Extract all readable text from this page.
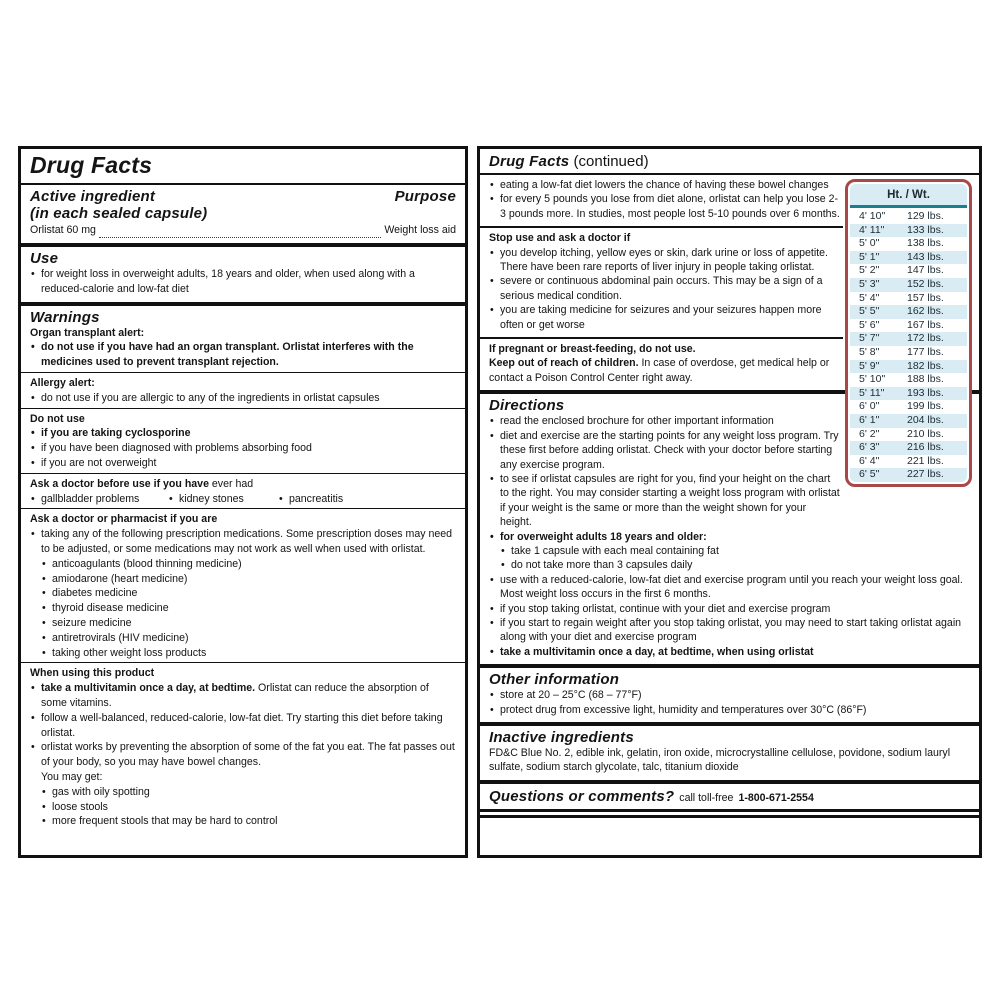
Drug Facts
Active ingredient
(in each sealed capsule)
Purpose
Orlistat 60 mg	Weight loss aid
Use
• for weight loss in overweight adults, 18 years and older, when used along with a reduced-calorie and low-fat diet
Warnings
Organ transplant alert:
• do not use if you have had an organ transplant. Orlistat interferes with the medicines used to prevent transplant rejection.
Allergy alert:
• do not use if you are allergic to any of the ingredients in orlistat capsules
Do not use
• if you are taking cyclosporine
• if you have been diagnosed with problems absorbing food
• if you are not overweight
Ask a doctor before use if you have ever had
• gallbladder problems	• kidney stones	• pancreatitis
Ask a doctor or pharmacist if you are
• taking any of the following prescription medications. Some prescription doses may need to be adjusted, or some medications may not work as well when used with orlistat.
• anticoagulants (blood thinning medicine)
• amiodarone (heart medicine)
• diabetes medicine
• thyroid disease medicine
• seizure medicine
• antiretrovirals (HIV medicine)
• taking other weight loss products
When using this product
• take a multivitamin once a day, at bedtime. Orlistat can reduce the absorption of some vitamins.
• follow a well-balanced, reduced-calorie, low-fat diet. Try starting this diet before taking orlistat.
• orlistat works by preventing the absorption of some of the fat you eat. The fat passes out of your body, so you may have bowel changes.
You may get:
• gas with oily spotting
• loose stools
• more frequent stools that may be hard to control
Drug Facts (continued)
• eating a low-fat diet lowers the chance of having these bowel changes
• for every 5 pounds you lose from diet alone, orlistat can help you lose 2-3 pounds more. In studies, most people lost 5-10 pounds over 6 months.
Stop use and ask a doctor if
• you develop itching, yellow eyes or skin, dark urine or loss of appetite. There have been rare reports of liver injury in people taking orlistat.
• severe or continuous abdominal pain occurs. This may be a sign of a serious medical condition.
• you are taking medicine for seizures and your seizures happen more often or get worse
If pregnant or breast-feeding, do not use.
Keep out of reach of children. In case of overdose, get medical help or contact a Poison Control Center right away.
Directions
• read the enclosed brochure for other important information
• diet and exercise are the starting points for any weight loss program. Try these first before adding orlistat. Check with your doctor before starting any exercise program.
• to see if orlistat capsules are right for you, find your height on the chart to the right. You may consider starting a weight loss program with orlistat if your weight is the same or more than the weight shown for your height.
• for overweight adults 18 years and older:
• take 1 capsule with each meal containing fat
• do not take more than 3 capsules daily
• use with a reduced-calorie, low-fat diet and exercise program until you reach your weight loss goal. Most weight loss occurs in the first 6 months.
• if you stop taking orlistat, continue with your diet and exercise program
• if you start to regain weight after you stop taking orlistat, you may need to start taking orlistat again along with your diet and exercise program
• take a multivitamin once a day, at bedtime, when using orlistat
Other information
• store at 20 – 25°C (68 – 77°F)
• protect drug from excessive light, humidity and temperatures over 30°C (86°F)
Inactive ingredients
FD&C Blue No. 2, edible ink, gelatin, iron oxide, microcrystalline cellulose, povidone, sodium lauryl sulfate, sodium starch glycolate, talc, titanium dioxide
Questions or comments? call toll-free 1-800-671-2554
Ht. / Wt.
4' 10"	129 lbs.
4' 11"	133 lbs.
5' 0"	138 lbs.
5' 1"	143 lbs.
5' 2"	147 lbs.
5' 3"	152 lbs.
5' 4"	157 lbs.
5' 5"	162 lbs.
5' 6"	167 lbs.
5' 7"	172 lbs.
5' 8"	177 lbs.
5' 9"	182 lbs.
5' 10"	188 lbs.
5' 11"	193 lbs.
6' 0"	199 lbs.
6' 1"	204 lbs.
6' 2"	210 lbs.
6' 3"	216 lbs.
6' 4"	221 lbs.
6' 5"	227 lbs.
